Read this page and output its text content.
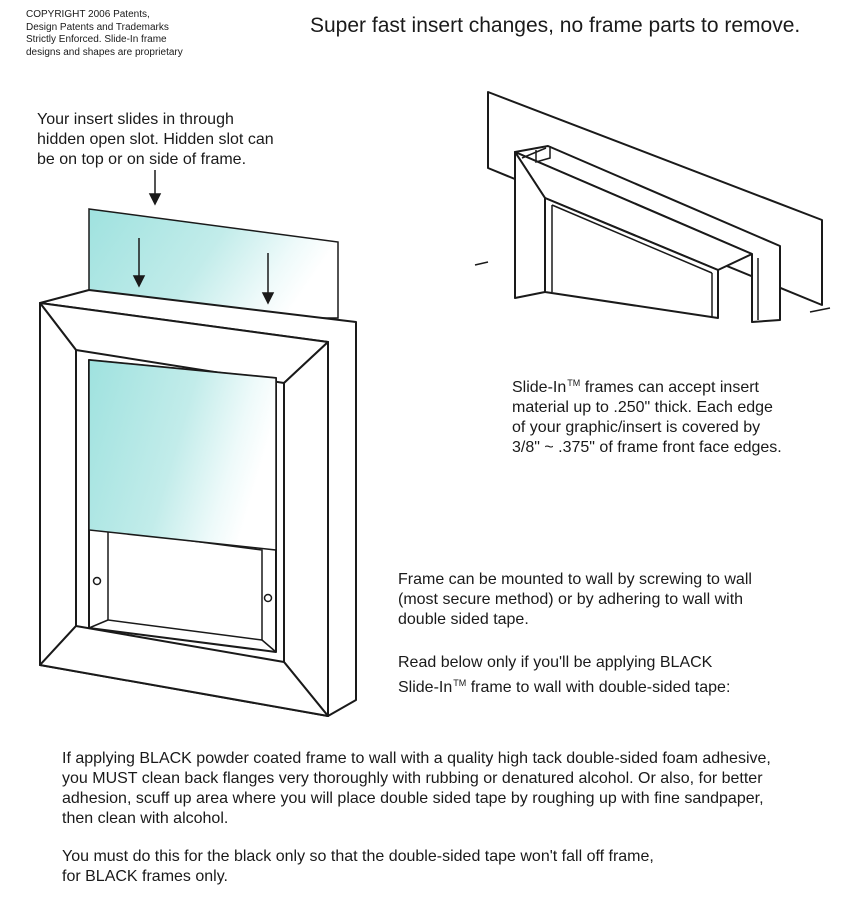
COPYRIGHT 2006 Patents,
Design Patents and Trademarks
Strictly Enforced. Slide-In frame
designs and shapes are proprietary
Super fast insert changes, no frame parts to remove.
Your insert slides in through
hidden open slot. Hidden slot can
be on top or on side of frame.
Slide-In™ frames can accept insert
material up to .250" thick. Each edge
of your graphic/insert is covered by
3/8" ~ .375" of frame front face edges.
Frame can be mounted to wall by screwing to wall
(most secure method) or by adhering to wall with
double sided tape.
Read below only if you'll be applying BLACK
Slide-In™ frame to wall with double-sided tape:
If applying BLACK powder coated frame to wall with a quality high tack double-sided foam adhesive,
you MUST clean back flanges very thoroughly with rubbing or denatured alcohol. Or also, for better
adhesion, scuff up area where you will place double sided tape by roughing up with fine sandpaper,
then clean with alcohol.
You must do this for the black only so that the double-sided tape won't fall off frame,
for BLACK frames only.
